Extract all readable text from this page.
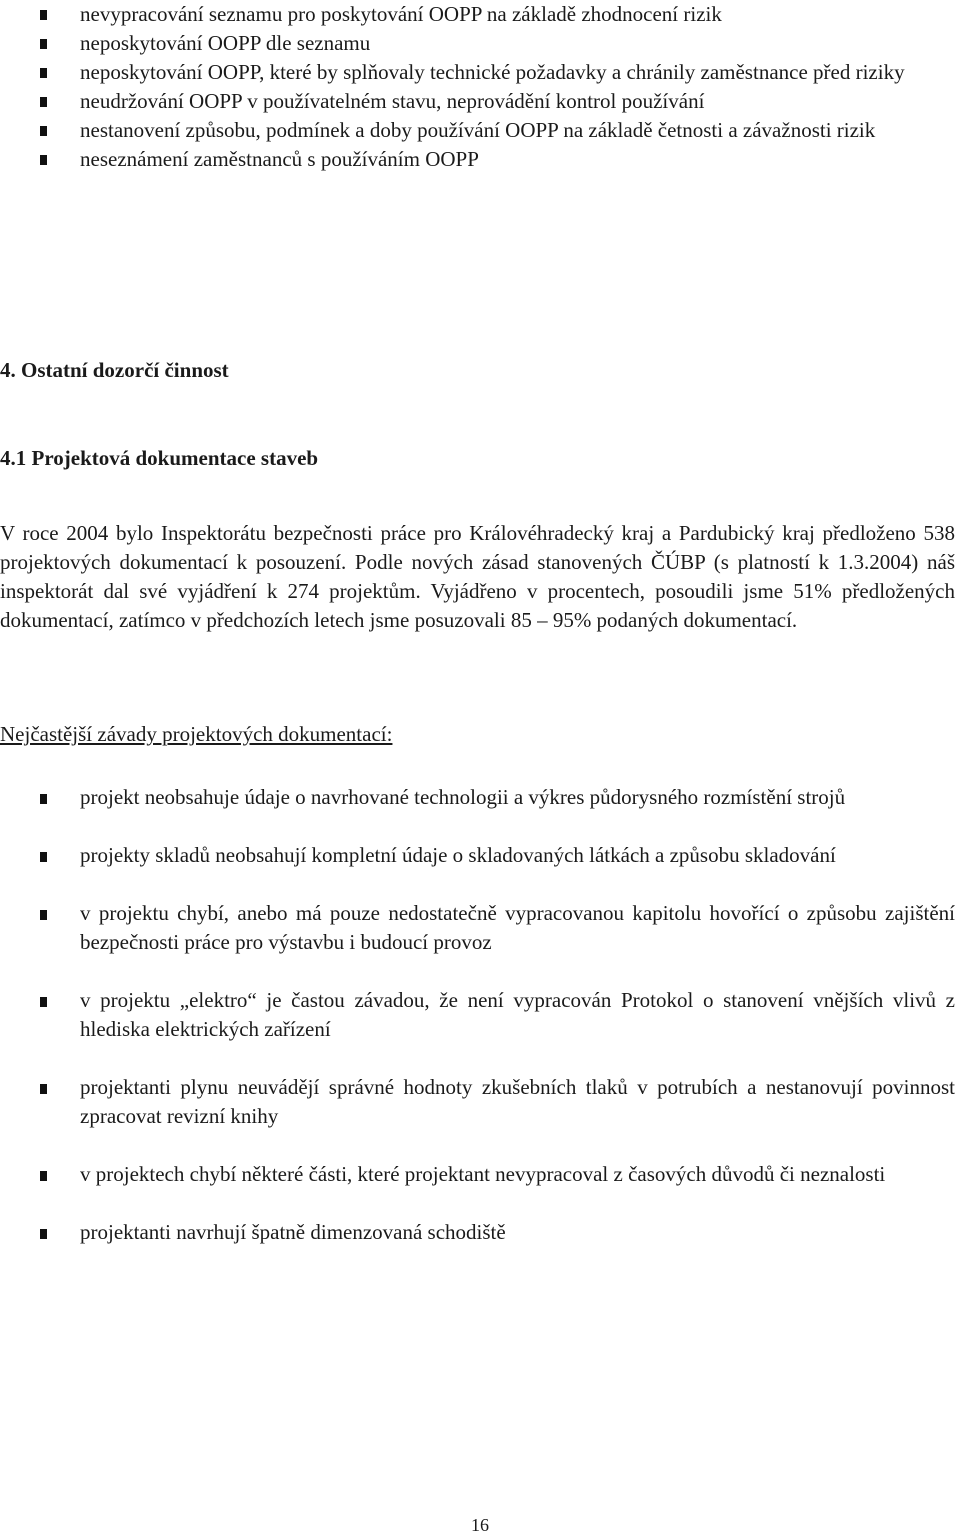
nevypracování seznamu pro poskytování OOPP na základě zhodnocení rizik
neposkytování OOPP dle seznamu
neposkytování OOPP, které by splňovaly technické požadavky a chránily zaměstnance před riziky
neudržování OOPP v používatelném stavu, neprovádění kontrol používání
nestanovení způsobu, podmínek a doby používání OOPP na základě četnosti a závažnosti rizik
neseznámení zaměstnanců s používáním OOPP
4. Ostatní dozorčí činnost
4.1 Projektová dokumentace staveb

V roce 2004 bylo Inspektorátu bezpečnosti práce pro Královéhradecký kraj a Pardubický kraj předloženo 538 projektových dokumentací k posouzení. Podle nových zásad stanovených ČÚBP (s platností k 1.3.2004) náš inspektorát dal své vyjádření k 274 projektům. Vyjádřeno v procentech, posoudili jsme 51% předložených dokumentací, zatímco v předchozích letech jsme posuzovali 85 – 95% podaných dokumentací.

Nejčastější závady projektových dokumentací:

projekt neobsahuje údaje o navrhované technologii a výkres půdorysného rozmístění strojů
projekty skladů neobsahují kompletní údaje o skladovaných látkách a způsobu skladování
v projektu chybí, anebo má pouze nedostatečně vypracovanou kapitolu hovořící o způsobu zajištění bezpečnosti práce pro výstavbu i budoucí provoz
v projektu „elektro“ je častou závadou, že není vypracován Protokol o stanovení vnějších vlivů z hlediska elektrických zařízení
projektanti plynu neuvádějí správné hodnoty zkušebních tlaků v potrubích a nestanovují povinnost zpracovat revizní knihy
v projektech chybí některé části, které projektant nevypracoval z časových důvodů či neznalosti
projektanti navrhují špatně dimenzovaná schodiště
16
